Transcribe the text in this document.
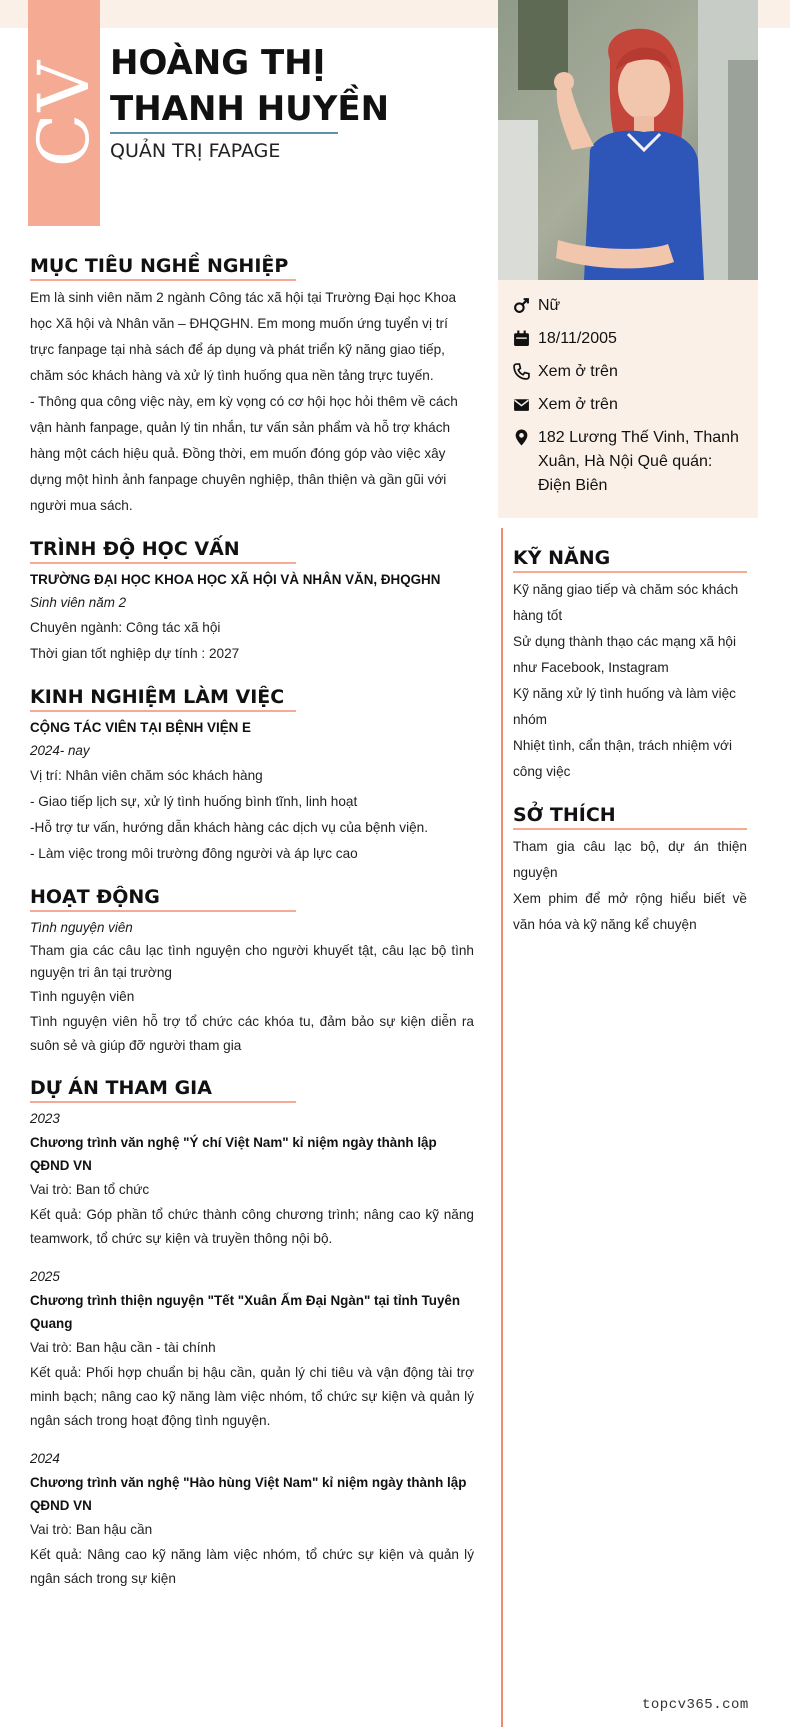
CV HOÀNG THỊ THANH HUYỀN
QUẢN TRỊ FAPAGE
Nữ
18/11/2005
Xem ở trên
Xem ở trên
182 Lương Thế Vinh, Thanh Xuân, Hà Nội Quê quán: Điện Biên
MỤC TIÊU NGHỀ NGHIỆP

Em là sinh viên năm 2 ngành Công tác xã hội tại Trường Đại học Khoa học Xã hội và Nhân văn – ĐHQGHN. Em mong muốn ứng tuyển vị trí trực fanpage tại nhà sách để áp dụng và phát triển kỹ năng giao tiếp, chăm sóc khách hàng và xử lý tình huống qua nền tảng trực tuyến.

- Thông qua công việc này, em kỳ vọng có cơ hội học hỏi thêm về cách vận hành fanpage, quản lý tin nhắn, tư vấn sản phẩm và hỗ trợ khách hàng một cách hiệu quả. Đồng thời, em muốn đóng góp vào việc xây dựng một hình ảnh fanpage chuyên nghiệp, thân thiện và gần gũi với người mua sách.

TRÌNH ĐỘ HỌC VẤN
TRƯỜNG ĐẠI HỌC KHOA HỌC XÃ HỘI VÀ NHÂN VĂN, ĐHQGHN
Sinh viên năm 2
Chuyên ngành: Công tác xã hội
Thời gian tốt nghiệp dự tính : 2027
KINH NGHIỆM LÀM VIỆC
CỘNG TÁC VIÊN TẠI BỆNH VIỆN E
2024- nay
Vị trí: Nhân viên chăm sóc khách hàng
- Giao tiếp lịch sự, xử lý tình huống bình tĩnh, linh hoạt
-Hỗ trợ tư vấn, hướng dẫn khách hàng các dịch vụ của bệnh viện.
- Làm việc trong môi trường đông người và áp lực cao
HOẠT ĐỘNG
Tình nguyện viên
Tham gia các câu lạc tình nguyện cho người khuyết tật, câu lạc bộ tình nguyện tri ân tại trường
Tình nguyện viên
Tình nguyện viên hỗ trợ tổ chức các khóa tu, đảm bảo sự kiện diễn ra suôn sẻ và giúp đỡ người tham gia
DỰ ÁN THAM GIA
2023
Chương trình văn nghệ "Ý chí Việt Nam" kỉ niệm ngày thành lập QĐND VN
Vai trò: Ban tổ chức
Kết quả: Góp phần tổ chức thành công chương trình; nâng cao kỹ năng teamwork, tổ chức sự kiện và truyền thông nội bộ.
2025
Chương trình thiện nguyện "Tết "Xuân Ấm Đại Ngàn" tại tỉnh Tuyên Quang
Vai trò: Ban hậu cần - tài chính
Kết quả: Phối hợp chuẩn bị hậu cần, quản lý chi tiêu và vận động tài trợ minh bạch; nâng cao kỹ năng làm việc nhóm, tổ chức sự kiện và quản lý ngân sách trong hoạt động tình nguyện.
2024
Chương trình văn nghệ "Hào hùng Việt Nam" kỉ niệm ngày thành lập QĐND VN
Vai trò: Ban hậu cần
Kết quả: Nâng cao kỹ năng làm việc nhóm, tổ chức sự kiện và quản lý ngân sách trong sự kiện
KỸ NĂNG
Kỹ năng giao tiếp và chăm sóc khách hàng tốt
Sử dụng thành thạo các mạng xã hội như Facebook, Instagram
Kỹ năng xử lý tình huống và làm việc nhóm
Nhiệt tình, cẩn thận, trách nhiệm với công việc
SỞ THÍCH
Tham gia câu lạc bộ, dự án thiện nguyện
Xem phim để mở rộng hiểu biết về văn hóa và kỹ năng kể chuyện
topcv365.com
